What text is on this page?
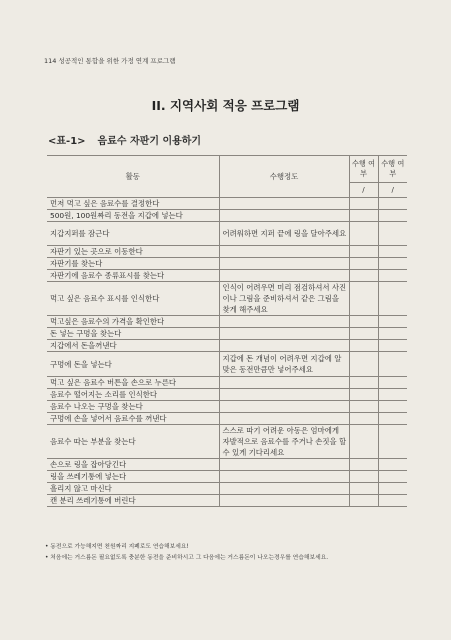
114 성공적인 통합을 위한 가정 연계 프로그램
II. 지역사회 적응 프로그램
<표-1> 음료수 자판기 이용하기
활동	수행정도	수행 여부	수행 여부
		/	/
먼저 먹고 싶은 음료수를 결정한다			
500원, 100원짜리 동전을 지갑에 넣는다			
지갑지퍼를 잠근다	어려워하면 지퍼 끝에 링을 달아주세요		
자판기 있는 곳으로 이동한다			
자판기를 찾는다			
자판기에 음료수 종류표시를 찾는다			
먹고 싶은 음료수 표시를 인식한다	인식이 어려우면 미리 점검하셔서 사진이나 그림을 준비하셔서 같은 그림을 찾게 해주세요		
먹고싶은 음료수의 가격을 확인한다			
돈 넣는 구멍을 찾는다			
지갑에서 돈을꺼낸다			
구멍에 돈을 넣는다	지갑에 돈 개념이 어려우면 지갑에 알맞은 동전만큼만 넣어주세요		
먹고 싶은 음료수 버튼을 손으로 누른다			
음료수 떨어지는 소리를 인식한다			
음료수 나오는 구멍을 찾는다			
구멍에 손을 넣어서 음료수를 꺼낸다			
음료수 따는 부분을 찾는다	스스로 따기 어려운 아동은 엄마에게 자발적으로 음료수를 주거나 손짓을 할 수 있게 기다리세요		
손으로 링을 잡아당긴다			
링을 쓰레기통에 넣는다			
흘리지 않고 마신다			
캔 분리 쓰레기통에 버린다			
• 동전으로 가능해지면 천원짜리 지폐로도 연습해보세요!
• 처음에는 거스름돈 필요없도록 충분한 동전을 준비하시고 그 다음에는 거스름돈이 나오는경우를 연습해보세요.
